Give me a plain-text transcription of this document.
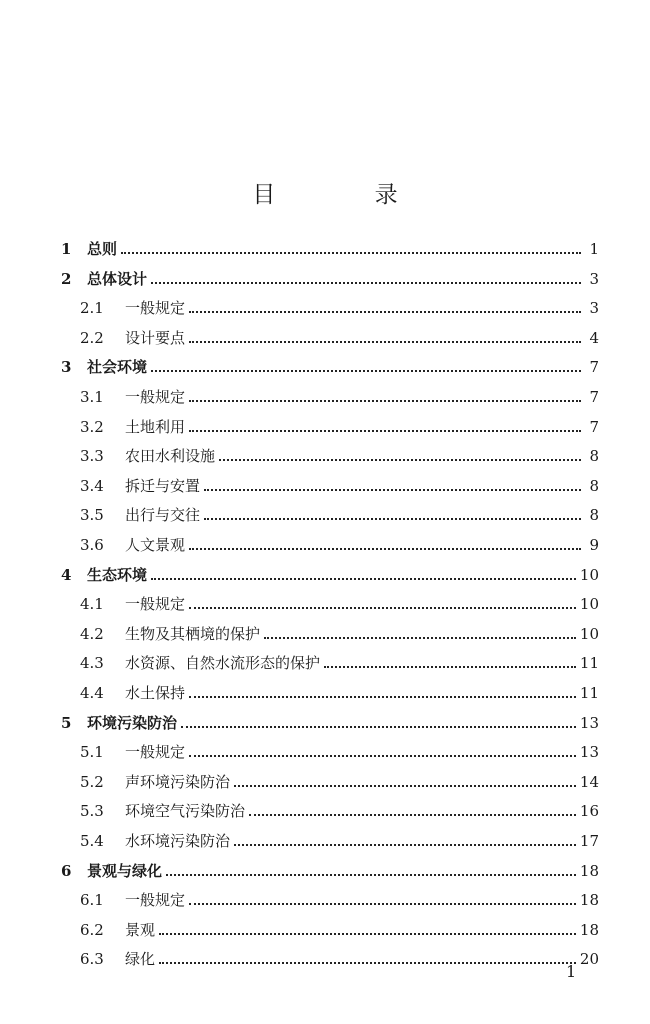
目 录
1	总则	1
2	总体设计	3
2.1	一般规定	3
2.2	设计要点	4
3	社会环境	7
3.1	一般规定	7
3.2	土地利用	7
3.3	农田水利设施	8
3.4	拆迁与安置	8
3.5	出行与交往	8
3.6	人文景观	9
4	生态环境	10
4.1	一般规定	10
4.2	生物及其栖境的保护	10
4.3	水资源、自然水流形态的保护	11
4.4	水土保持	11
5	环境污染防治	13
5.1	一般规定	13
5.2	声环境污染防治	14
5.3	环境空气污染防治	16
5.4	水环境污染防治	17
6	景观与绿化	18
6.1	一般规定	18
6.2	景观	18
6.3	绿化	20
1
